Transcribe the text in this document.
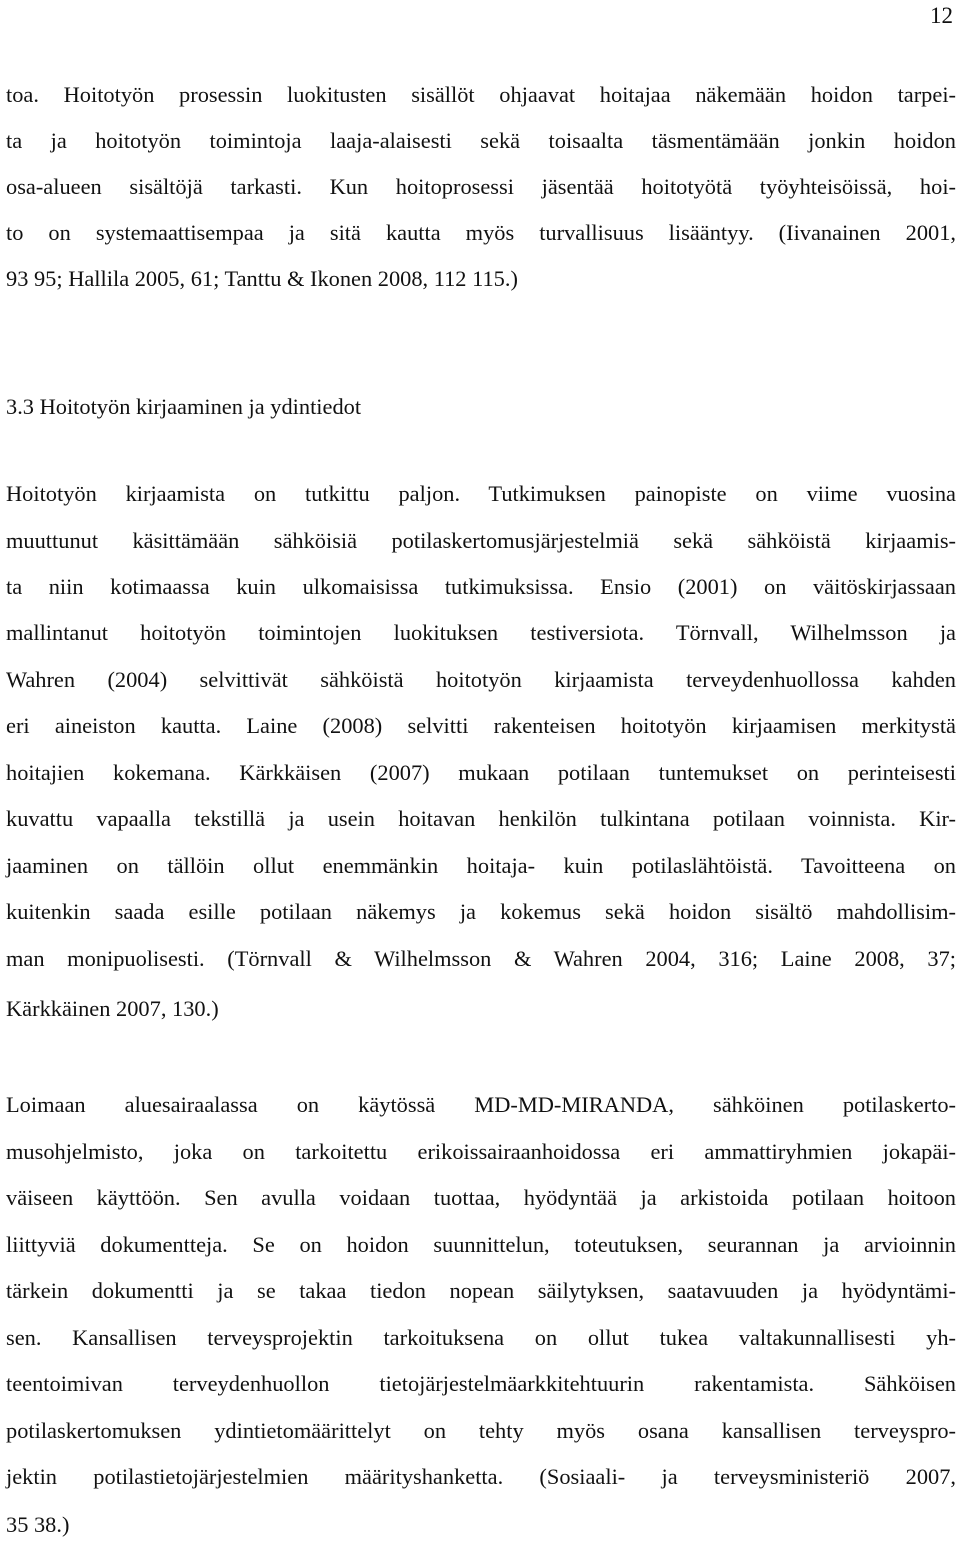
12
toa. Hoitotyön prosessin luokitusten sisällöt ohjaavat hoitajaa näkemään hoidon tarpei-
ta ja hoitotyön toimintoja laaja-alaisesti sekä toisaalta täsmentämään jonkin hoidon
osa-alueen sisältöjä tarkasti. Kun hoitoprosessi jäsentää hoitotyötä työyhteisöissä, hoi-
to on systemaattisempaa ja sitä kautta myös turvallisuus lisääntyy. (Iivanainen 2001,
93 95; Hallila 2005, 61; Tanttu & Ikonen 2008, 112 115.)
3.3 Hoitotyön kirjaaminen ja ydintiedot
Hoitotyön kirjaamista on tutkittu paljon. Tutkimuksen painopiste on viime vuosina
muuttunut käsittämään sähköisiä potilaskertomusjärjestelmiä sekä sähköistä kirjaamis-
ta niin kotimaassa kuin ulkomaisissa tutkimuksissa. Ensio (2001) on väitöskirjassaan
mallintanut hoitotyön toimintojen luokituksen testiversiota. Törnvall, Wilhelmsson ja
Wahren (2004) selvittivät sähköistä hoitotyön kirjaamista terveydenhuollossa kahden
eri aineiston kautta. Laine (2008) selvitti rakenteisen hoitotyön kirjaamisen merkitystä
hoitajien kokemana. Kärkkäisen (2007) mukaan potilaan tuntemukset on perinteisesti
kuvattu vapaalla tekstillä ja usein hoitavan henkilön tulkintana potilaan voinnista. Kir-
jaaminen on tällöin ollut enemmänkin hoitaja- kuin potilaslähtöistä. Tavoitteena on
kuitenkin saada esille potilaan näkemys ja kokemus sekä hoidon sisältö mahdollisim-
man monipuolisesti. (Törnvall & Wilhelmsson & Wahren 2004, 316; Laine 2008, 37;
Kärkkäinen 2007, 130.)
Loimaan aluesairaalassa on käytössä MD-MD-MIRANDA, sähköinen potilaskerto-
musohjelmisto, joka on tarkoitettu erikoissairaanhoidossa eri ammattiryhmien jokapäi-
väiseen käyttöön. Sen avulla voidaan tuottaa, hyödyntää ja arkistoida potilaan hoitoon
liittyviä dokumentteja. Se on hoidon suunnittelun, toteutuksen, seurannan ja arvioinnin
tärkein dokumentti ja se takaa tiedon nopean säilytyksen, saatavuuden ja hyödyntämi-
sen. Kansallisen terveysprojektin tarkoituksena on ollut tukea valtakunnallisesti yh-
teentoimivan terveydenhuollon tietojärjestelmäarkkitehtuurin rakentamista. Sähköisen
potilaskertomuksen ydintietomäärittelyt on tehty myös osana kansallisen terveyspro-
jektin potilastietojärjestelmien määrityshanketta. (Sosiaali- ja terveysministeriö 2007,
35 38.)
